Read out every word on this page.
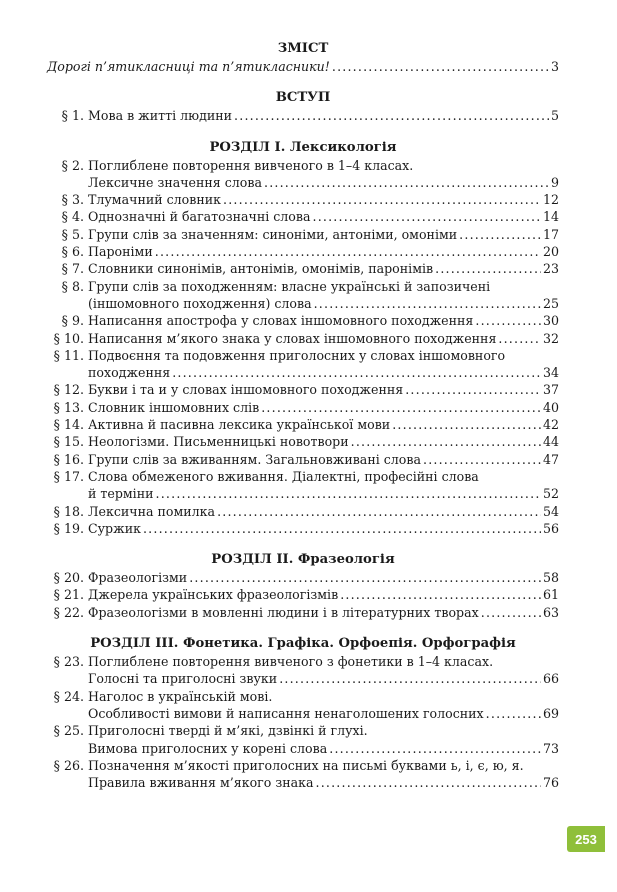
ЗМІСТ
Дорогі п’ятикласниці та п’ятикласники! .....	3
ВСТУП
§ 1. Мова в житті людини .....	5
РОЗДІЛ І. Лексикологія
§ 2. Поглиблене повторення вивченого в 1–4 класах.
Лексичне значення слова .....	9
§ 3. Тлумачний словник .....	12
§ 4. Однозначні й багатозначні слова .....	14
§ 5. Групи слів за значенням: синоніми, антоніми, омоніми .....	17
§ 6. Пароніми .....	20
§ 7. Словники синонімів, антонімів, омонімів, паронімів .....	23
§ 8. Групи слів за походженням: власне українські й запозичені
(іншомовного походження) слова .....	25
§ 9. Написання апострофа у словах іншомовного походження .....	30
§ 10. Написання м’якого знака у словах іншомовного походження .....	32
§ 11. Подвоєння та подовження приголосних у словах іншомовного
походження .....	34
§ 12. Букви і та и у словах іншомовного походження .....	37
§ 13. Словник іншомовних слів .....	40
§ 14. Активна й пасивна лексика української мови .....	42
§ 15. Неологізми. Письменницькі новотвори .....	44
§ 16. Групи слів за вживанням. Загальновживані слова .....	47
§ 17. Слова обмеженого вживання. Діалектні, професійні слова
й терміни .....	52
§ 18. Лексична помилка .....	54
§ 19. Суржик .....	56
РОЗДІЛ ІІ. Фразеологія
§ 20. Фразеологізми .....	58
§ 21. Джерела українських фразеологізмів .....	61
§ 22. Фразеологізми в мовленні людини і в літературних творах .....	63
РОЗДІЛ ІІІ. Фонетика. Графіка. Орфоепія. Орфографія
§ 23. Поглиблене повторення вивченого з фонетики в 1–4 класах.
Голосні та приголосні звуки .....	66
§ 24. Наголос в українській мові.
Особливості вимови й написання ненаголошених голосних .....	69
§ 25. Приголосні тверді й м’які, дзвінкі й глухі.
Вимова приголосних у корені слова .....	73
§ 26. Позначення м’якості приголосних на письмі буквами ь, і, є, ю, я.
Правила вживання м’якого знака .....	76
253
